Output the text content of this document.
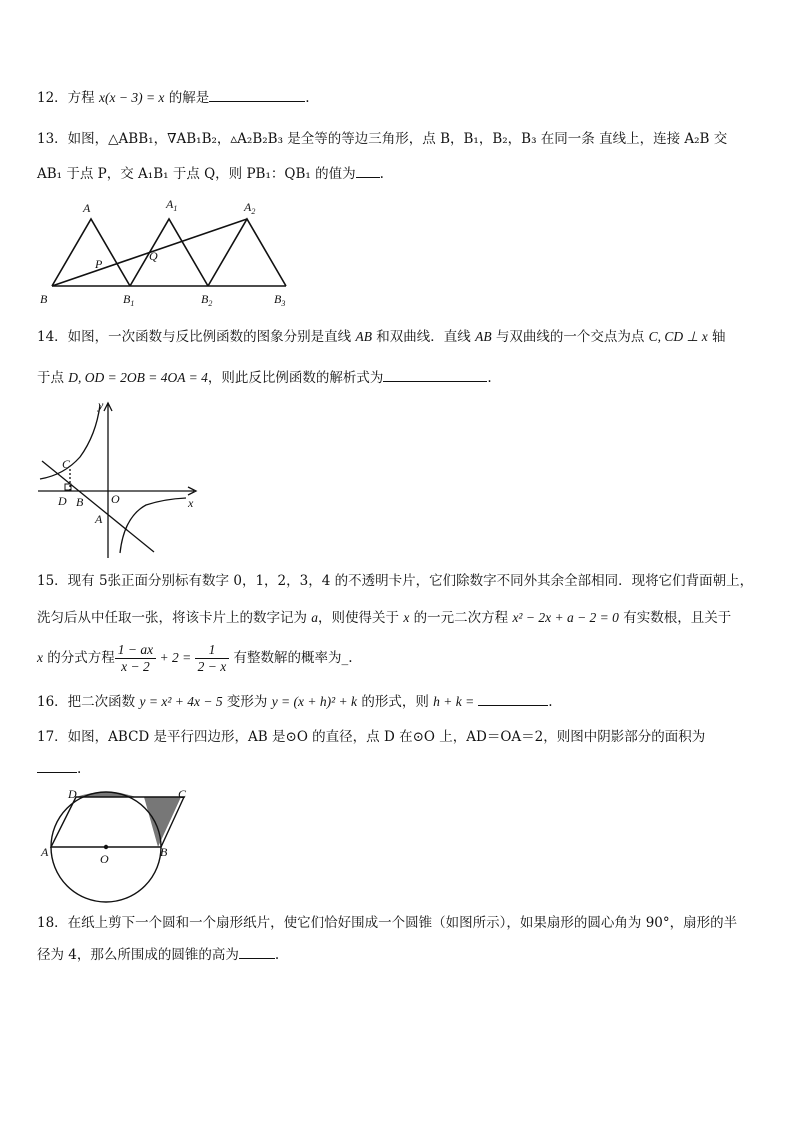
12．方程 x(x − 3) = x 的解是	.
13．如图，△ABB₁，∇AB₁B₂，▵A₂B₂B₃ 是全等的等边三角形，点 B，B₁，B₂，B₃ 在同一条 直线上，连接 A₂B 交
AB₁ 于点 P，交 A₁B₁ 于点 Q，则 PB₁：QB₁ 的值为 .
A	$A_1$	$A_2$
P
Q
B	$B_1$	$B_2$	$B_3$
14．如图，一次函数与反比例函数的图象分别是直线 AB 和双曲线．直线 AB 与双曲线的一个交点为点 C, CD ⊥ x 轴
于点 D, OD = 2OB = 4OA = 4，则此反比例函数的解析式为	.
y
x
C
D B O
A
15．现有 5张正面分别标有数字 0，1，2，3，4 的不透明卡片，它们除数字不同外其余全部相同．现将它们背面朝上，
洗匀后从中任取一张，将该卡片上的数字记为 a，则使得关于 x 的一元二次方程 x² − 2x + a − 2 = 0 有实数根，且关于
x 的分式方程 $\frac{1 - ax}{x - 2} + 2 = \frac{1}{2 - x}$ 有整数解的概率为_.
16．把二次函数 y = x² + 4x − 5 变形为 y = (x + h)² + k 的形式，则 h + k =	.
17．如图，ABCD 是平行四边形，AB 是⊙O 的直径，点 D 在⊙O 上，AD＝OA＝2，则图中阴影部分的面积为
.
D	C
A	O	B
18．在纸上剪下一个圆和一个扇形纸片，使它们恰好围成一个圆锥（如图所示），如果扇形的圆心角为 90°，扇形的半
径为 4，那么所围成的圆锥的高为	.
